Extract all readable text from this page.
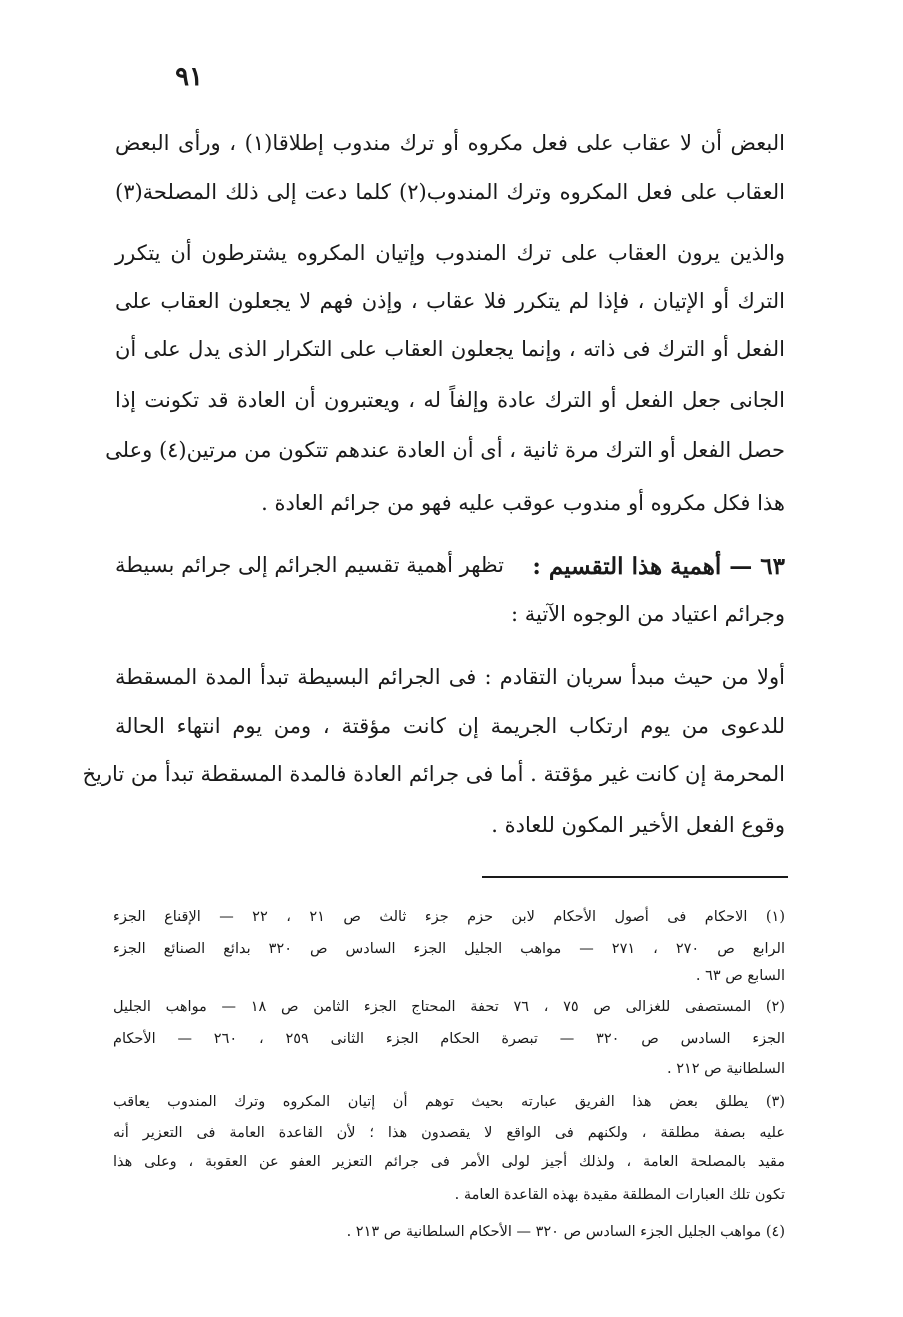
٩١
البعض أن لا عقاب على فعل مكروه أو ترك مندوب إطلاقا(١) ، ورأى البعض
العقاب على فعل المكروه وترك المندوب(٢) كلما دعت إلى ذلك المصلحة(٣)
والذين يرون العقاب على ترك المندوب وإتيان المكروه يشترطون أن يتكرر
الترك أو الإتيان ، فإذا لم يتكرر فلا عقاب ، وإذن فهم لا يجعلون العقاب على
الفعل أو الترك فى ذاته ، وإنما يجعلون العقاب على التكرار الذى يدل على أن
الجانى جعل الفعل أو الترك عادة وإلفاً له ، ويعتبرون أن العادة قد تكونت إذا
حصل الفعل أو الترك مرة ثانية ، أى أن العادة عندهم تتكون من مرتين(٤) وعلى
هذا فكل مكروه أو مندوب عوقب عليه فهو من جرائم العادة .
٦٣ — أهمية هذا التقسيم :
تظهر أهمية تقسيم الجرائم إلى جرائم بسيطة
وجرائم اعتياد من الوجوه الآتية :
أولا من حيث مبدأ سريان التقادم : فى الجرائم البسيطة تبدأ المدة المسقطة
للدعوى من يوم ارتكاب الجريمة إن كانت مؤقتة ، ومن يوم انتهاء الحالة
المحرمة إن كانت غير مؤقتة . أما فى جرائم العادة فالمدة المسقطة تبدأ من تاريخ
وقوع الفعل الأخير المكون للعادة .
(١) الاحكام فى أصول الأحكام لابن حزم جزء ثالث ص ٢١ ، ٢٢ — الإقناع الجزء
الرابع ص ٢٧٠ ، ٢٧١ — مواهب الجليل الجزء السادس ص ٣٢٠ بدائع الصنائع الجزء
السابع ص ٦٣ .
(٢) المستصفى للغزالى ص ٧٥ ، ٧٦ تحفة المحتاج الجزء الثامن ص ١٨ — مواهب الجليل
الجزء السادس ص ٣٢٠ — تبصرة الحكام الجزء الثانى ٢٥٩ ، ٢٦٠ — الأحكام
السلطانية ص ٢١٢ .
(٣) يطلق بعض هذا الفريق عبارته بحيث توهم أن إتيان المكروه وترك المندوب يعاقب
عليه بصفة مطلقة ، ولكنهم فى الواقع لا يقصدون هذا ؛ لأن القاعدة العامة فى التعزير أنه
مقيد بالمصلحة العامة ، ولذلك أجيز لولى الأمر فى جرائم التعزير العفو عن العقوبة ، وعلى هذا
تكون تلك العبارات المطلقة مقيدة بهذه القاعدة العامة .
(٤) مواهب الجليل الجزء السادس ص ٣٢٠ — الأحكام السلطانية ص ٢١٣ .
